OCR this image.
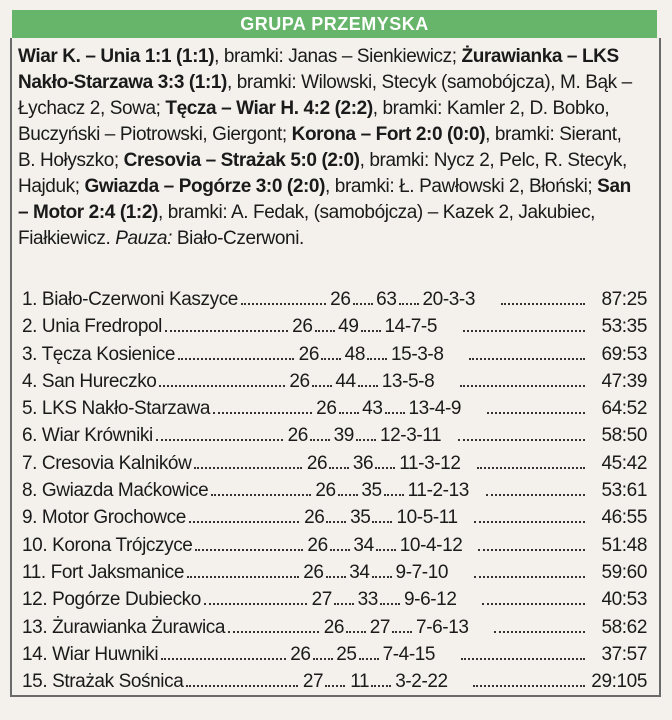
GRUPA PRZEMYSKA
Wiar K. – Unia 1:1 (1:1), bramki: Janas – Sienkiewicz; Żurawianka – LKS Nakło-Starzawa 3:3 (1:1), bramki: Wilowski, Stecyk (samobójcza), M. Bąk – Łychacz 2, Sowa; Tęcza – Wiar H. 4:2 (2:2), bramki: Kamler 2, D. Bobko, Buczyński – Piotrowski, Giergont; Korona – Fort 2:0 (0:0), bramki: Sierant, B. Hołyszko; Cresovia – Strażak 5:0 (2:0), bramki: Nycz 2, Pelc, R. Stecyk, Hajduk; Gwiazda – Pogórze 3:0 (2:0), bramki: Ł. Pawłowski 2, Błoński; San – Motor 2:4 (1:2), bramki: A. Fedak, (samobójcza) – Kazek 2, Jakubiec, Fiałkiewicz. Pauza: Biało-Czerwoni.
1. Biało-Czerwoni Kaszyce	26 63 20-3-3	87:25
2. Unia Fredropol	26 49 14-7-5	53:35
3. Tęcza Kosienice	26 48 15-3-8	69:53
4. San Hureczko	26 44 13-5-8	47:39
5. LKS Nakło-Starzawa	26 43 13-4-9	64:52
6. Wiar Krówniki	26 39 12-3-11	58:50
7. Cresovia Kalników	26 36 11-3-12	45:42
8. Gwiazda Maćkowice	26 35 11-2-13	53:61
9. Motor Grochowce	26 35 10-5-11	46:55
10. Korona Trójczyce	26 34 10-4-12	51:48
11. Fort Jaksmanice	26 34 9-7-10	59:60
12. Pogórze Dubiecko	27 33 9-6-12	40:53
13. Żurawianka Żurawica	26 27 7-6-13	58:62
14. Wiar Huwniki	26 25 7-4-15	37:57
15. Strażak Sośnica	27 11 3-2-22	29:105
